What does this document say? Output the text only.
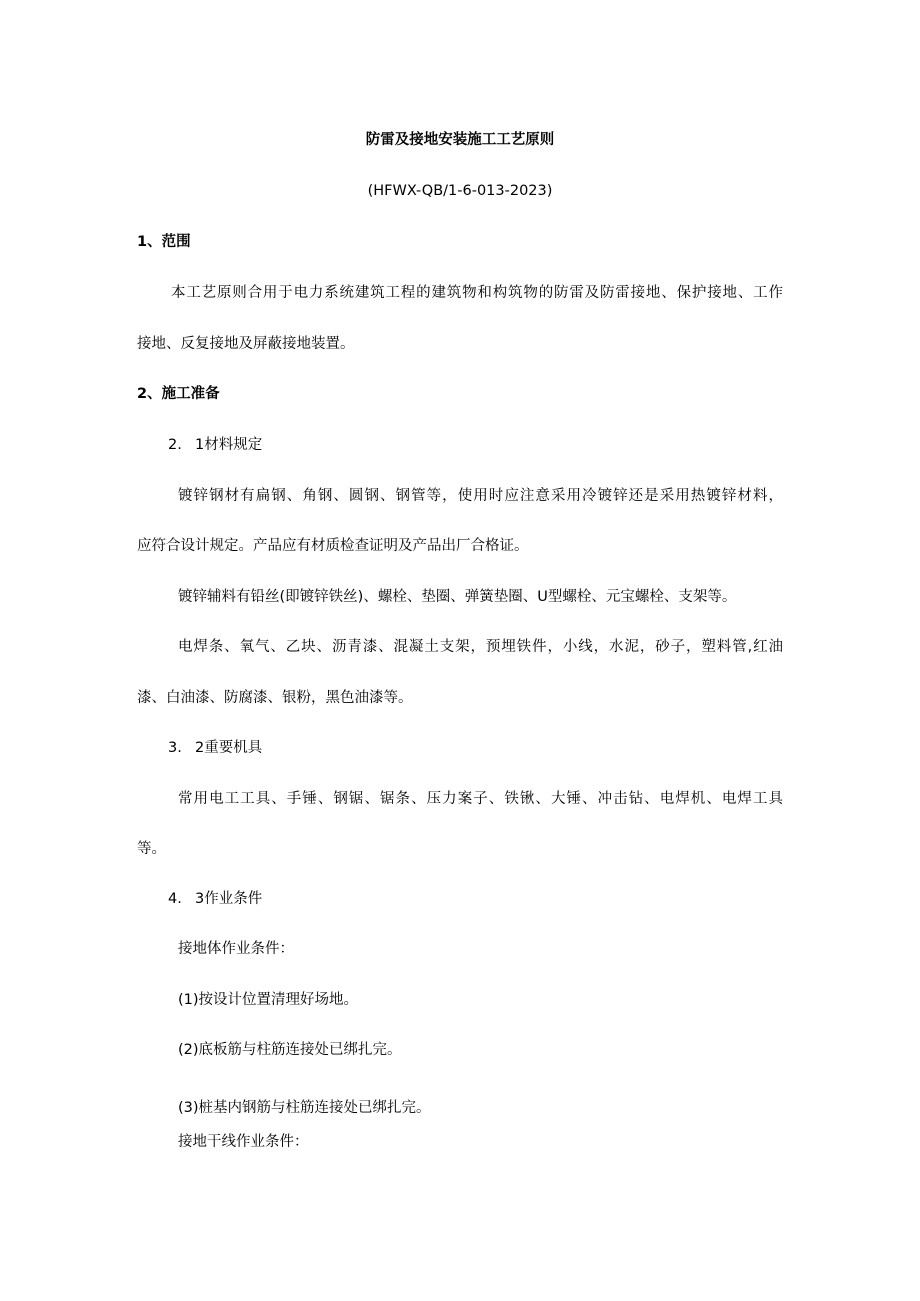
防雷及接地安装施工工艺原则
(HFWX-QB/1-6-013-2023)
1、范围
本工艺原则合用于电力系统建筑工程的建筑物和构筑物的防雷及防雷接地、保护接地、工作
接地、反复接地及屏蔽接地装置。
2、施工准备
2. 1材料规定
镀锌钢材有扁钢、角钢、圆钢、钢管等，使用时应注意采用冷镀锌还是采用热镀锌材料，
应符合设计规定。产品应有材质检查证明及产品出厂合格证。
镀锌辅料有铅丝(即镀锌铁丝)、螺栓、垫圈、弹簧垫圈、U型螺栓、元宝螺栓、支架等。
电焊条、氧气、乙块、沥青漆、混凝土支架，预埋铁件，小线，水泥，砂子，塑料管,红油
漆、白油漆、防腐漆、银粉，黑色油漆等。
3. 2重要机具
常用电工工具、手锤、钢锯、锯条、压力案子、铁锹、大锤、冲击钻、电焊机、电焊工具
等。
4. 3作业条件
接地体作业条件：
(1)按设计位置清理好场地。
(2)底板筋与柱筋连接处已绑扎完。
(3)桩基内钢筋与柱筋连接处已绑扎完。
接地干线作业条件：
